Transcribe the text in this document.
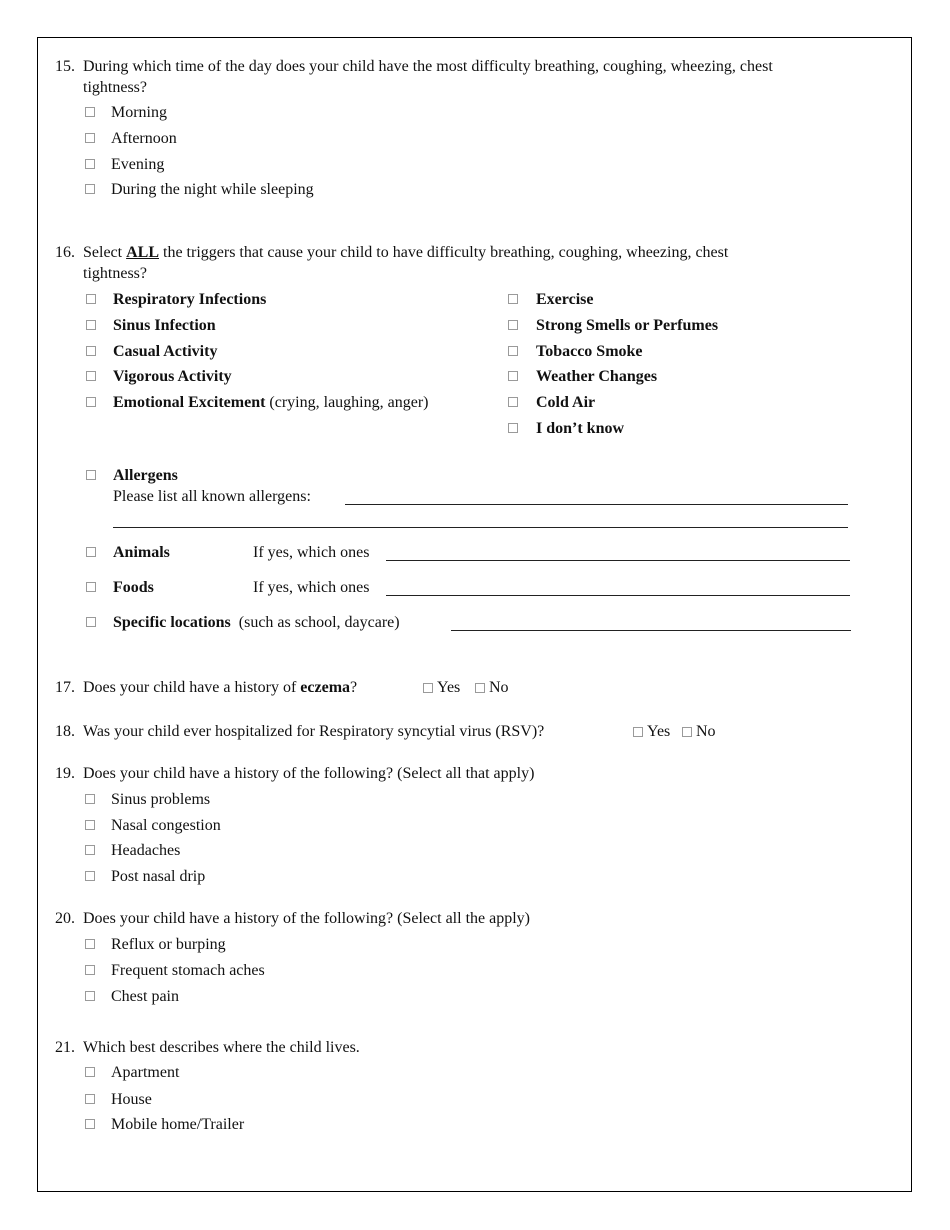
15. During which time of the day does your child have the most difficulty breathing, coughing, wheezing, chest
tightness?
Morning
Afternoon
Evening
During the night while sleeping
16. Select ALL the triggers that cause your child to have difficulty breathing, coughing, wheezing, chest
tightness?
Respiratory Infections
Sinus Infection
Casual Activity
Vigorous Activity
Emotional Excitement (crying, laughing, anger)
Exercise
Strong Smells or Perfumes
Tobacco Smoke
Weather Changes
Cold Air
I don’t know
Allergens
Please list all known allergens:
Animals	If yes, which ones
Foods	If yes, which ones
Specific locations (such as school, daycare)
17. Does your child have a history of eczema?	Yes	No
18. Was your child ever hospitalized for Respiratory syncytial virus (RSV)?	Yes	No
19. Does your child have a history of the following? (Select all that apply)
Sinus problems
Nasal congestion
Headaches
Post nasal drip
20. Does your child have a history of the following? (Select all the apply)
Reflux or burping
Frequent stomach aches
Chest pain
21. Which best describes where the child lives.
Apartment
House
Mobile home/Trailer
